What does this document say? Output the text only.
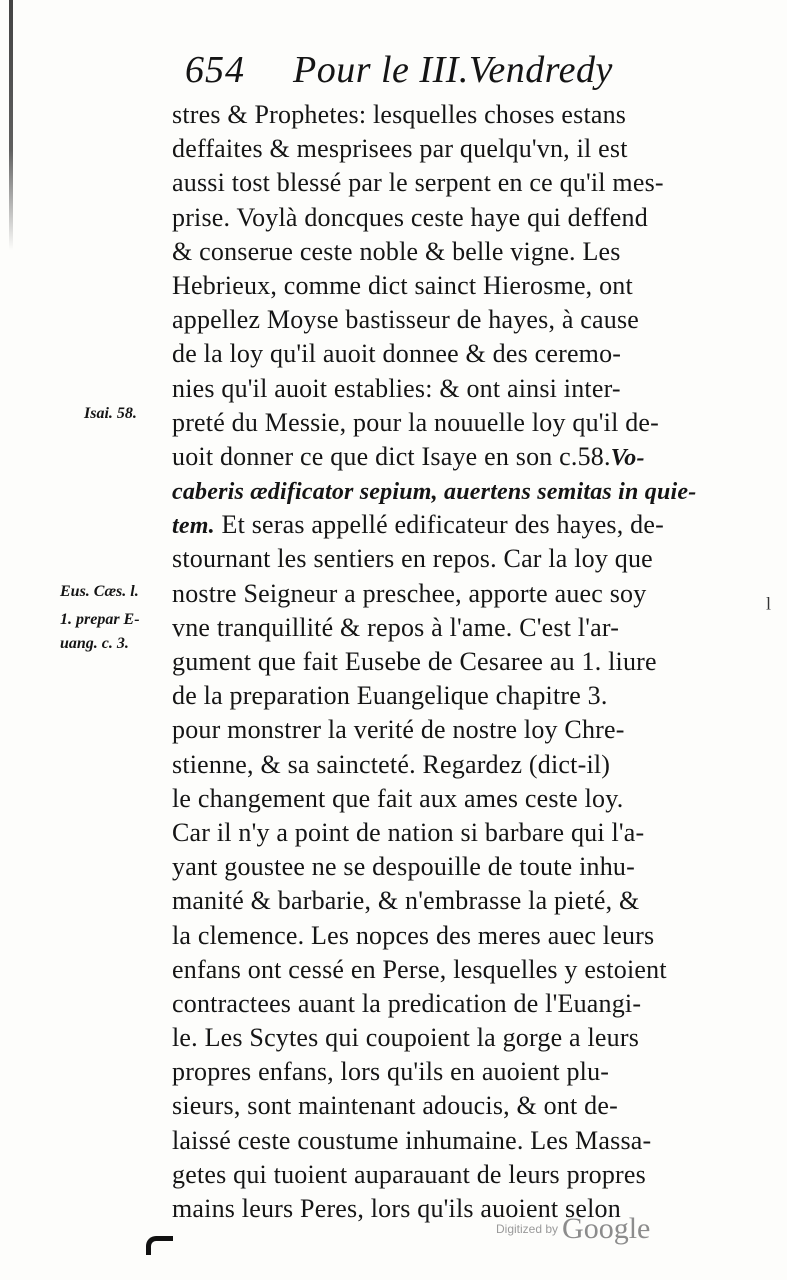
654 Pour le III.Vendredy
stres & Prophetes: lesquelles choses estans
deffaites & mesprisees par quelqu'vn, il est
aussi tost blessé par le serpent en ce qu'il mes-
prise. Voylà doncques ceste haye qui deffend
& conserue ceste noble & belle vigne. Les
Hebrieux, comme dict sainct Hierosme, ont
appellez Moyse bastisseur de hayes, à cause
de la loy qu'il auoit donnee & des ceremo-
nies qu'il auoit establies: & ont ainsi inter-
preté du Messie, pour la nouuelle loy qu'il de-
uoit donner ce que dict Isaye en son c.58.Vo-
caberis ædificator sepium, auertens semitas in quie-
tem. Et seras appellé edificateur des hayes, de-
stournant les sentiers en repos. Car la loy que
nostre Seigneur a preschee, apporte auec soy
vne tranquillité & repos à l'ame. C'est l'ar-
gument que fait Eusebe de Cesaree au 1. liure
de la preparation Euangelique chapitre 3.
pour monstrer la verité de nostre loy Chre-
stienne, & sa saincteté. Regardez (dict-il)
le changement que fait aux ames ceste loy.
Car il n'y a point de nation si barbare qui l'a-
yant goustee ne se despouille de toute inhu-
manité & barbarie, & n'embrasse la pieté, &
la clemence. Les nopces des meres auec leurs
enfans ont cessé en Perse, lesquelles y estoient
contractees auant la predication de l'Euangi-
le. Les Scytes qui coupoient la gorge a leurs
propres enfans, lors qu'ils en auoient plu-
sieurs, sont maintenant adoucis, & ont de-
laissé ceste coustume inhumaine. Les Massa-
getes qui tuoient auparauant de leurs propres
mains leurs Peres, lors qu'ils auoient selon
Isai. 58.
Eus. Cæs. l.
1. prepar E-
uang. c. 3.
ˡ
Digitized by Google
